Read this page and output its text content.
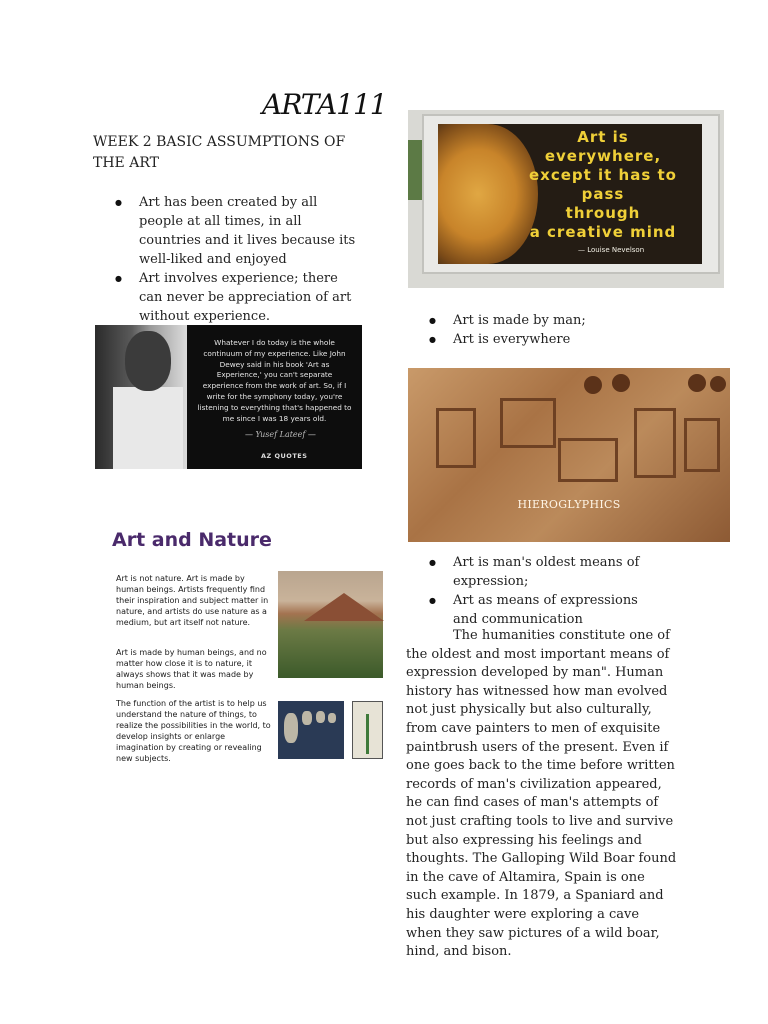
ARTA111
WEEK 2 BASIC ASSUMPTIONS OF THE ART
● Art has been created by all people at all times, in all countries and it lives because its well-liked and enjoyed
● Art involves experience; there can never be appreciation of art without experience.
Art is
everywhere,
except it has to
pass
through
a creative mind
— Louise Nevelson
Whatever I do today is the whole continuum of my experience. Like John Dewey said in his book 'Art as Experience,' you can't separate experience from the work of art. So, if I write for the symphony today, you're listening to everything that's happened to me since I was 18 years old.
— Yusef Lateef —
AZ QUOTES
● Art is made by man;
● Art is everywhere
HIEROGLYPHICS
Art and Nature
Art is not nature. Art is made by human beings. Artists frequently find their inspiration and subject matter in nature, and artists do use nature as a medium, but art itself not nature.
Art is made by human beings, and no matter how close it is to nature, it always shows that it was made by human beings.
The function of the artist is to help us understand the nature of things, to realize the possibilities in the world, to develop insights or enlarge imagination by creating or revealing new subjects.
● Art is man's oldest means of expression;
● Art as means of expressions and communication

The humanities constitute one of the oldest and most important means of expression developed by man". Human history has witnessed how man evolved not just physically but also culturally, from cave painters to men of exquisite paintbrush users of the present. Even if one goes back to the time before written records of man's civilization appeared, he can find cases of man's attempts of not just crafting tools to live and survive but also expressing his feelings and thoughts. The Galloping Wild Boar found in the cave of Altamira, Spain is one such example. In 1879, a Spaniard and his daughter were exploring a cave when they saw pictures of a wild boar, hind, and bison.
